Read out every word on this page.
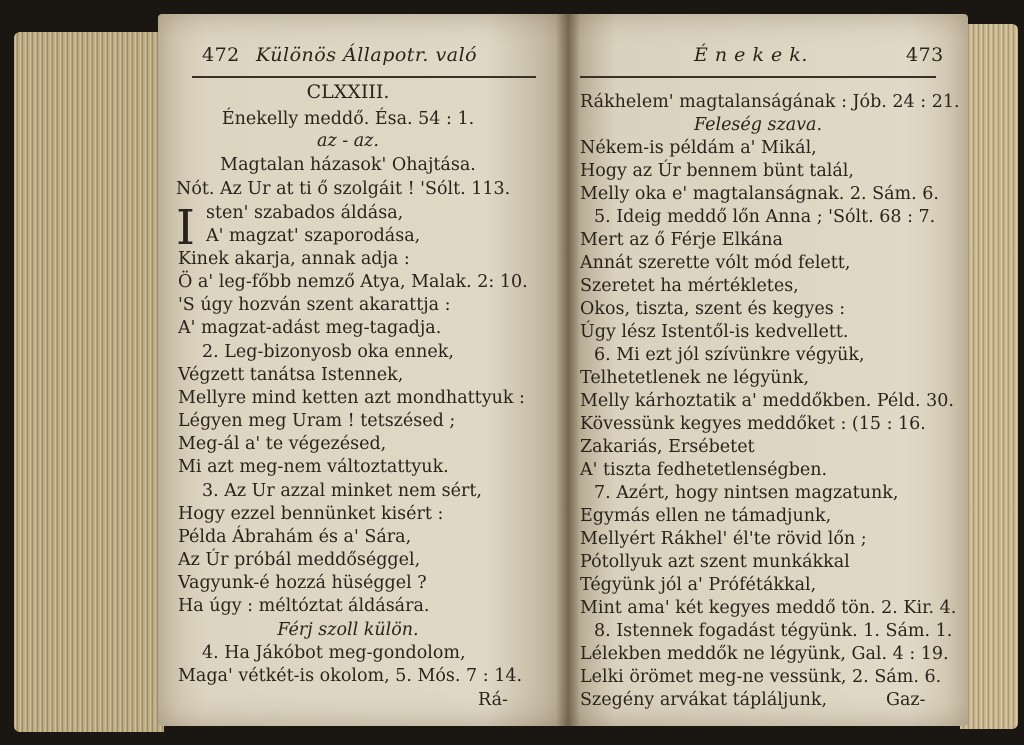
472 Különös Állapotr. való
CLXXIII.
Énekelly meddő. Ésa. 54 : 1.
az - az.
Magtalan házasok' Ohajtása.
Nót. Az Ur at ti ő szolgáit ! 'Sólt. 113.
I sten' szabados áldása,
A' magzat' szaporodása,
Kinek akarja, annak adja :
Ö a' leg-főbb nemző Atya, Malak. 2: 10.
'S úgy hozván szent akarattja :
A' magzat-adást meg-tagadja.
2. Leg-bizonyosb oka ennek,
Végzett tanátsa Istennek,
Mellyre mind ketten azt mondhattyuk :
Légyen meg Uram ! tetszésed ;
Meg-ál a' te végezésed,
Mi azt meg-nem változtattyuk.
3. Az Ur azzal minket nem sért,
Hogy ezzel bennünket kisért :
Példa Ábrahám és a' Sára,
Az Úr próbál meddőséggel,
Vagyunk-é hozzá hüséggel ?
Ha úgy : méltóztat áldására.
Férj szoll külön.
4. Ha Jákóbot meg-gondolom,
Maga' vétkét-is okolom, 5. Mós. 7 : 14.
Rá-
É n e k e k.	473
Rákhelem' magtalanságának : Jób. 24 : 21.
Feleség szava.
Nékem-is példám a' Mikál,
Hogy az Úr bennem bünt talál,
Melly oka e' magtalanságnak. 2. Sám. 6.
5. Ideig meddő lőn Anna ; 'Sólt. 68 : 7.
Mert az ő Férje Elkána
Annát szerette vólt mód felett,
Szeretet ha mértékletes,
Okos, tiszta, szent és kegyes :
Úgy lész Istentől-is kedvellett.
6. Mi ezt jól szívünkre végyük,
Telhetetlenek ne légyünk,
Melly kárhoztatik a' meddőkben. Péld. 30.
Kövessünk kegyes meddőket : (15 : 16.
Zakariás, Ersébetet
A' tiszta fedhetetlenségben.
7. Azért, hogy nintsen magzatunk,
Egymás ellen ne támadjunk,
Mellyért Rákhel' él'te rövid lőn ;
Pótollyuk azt szent munkákkal
Tégyünk jól a' Prófétákkal,
Mint ama' két kegyes meddő tön. 2. Kir. 4.
8. Istennek fogadást tégyünk. 1. Sám. 1.
Lélekben meddők ne légyünk, Gal. 4 : 19.
Lelki örömet meg-ne vessünk, 2. Sám. 6.
Szegény arvákat tápláljunk,	Gaz-
